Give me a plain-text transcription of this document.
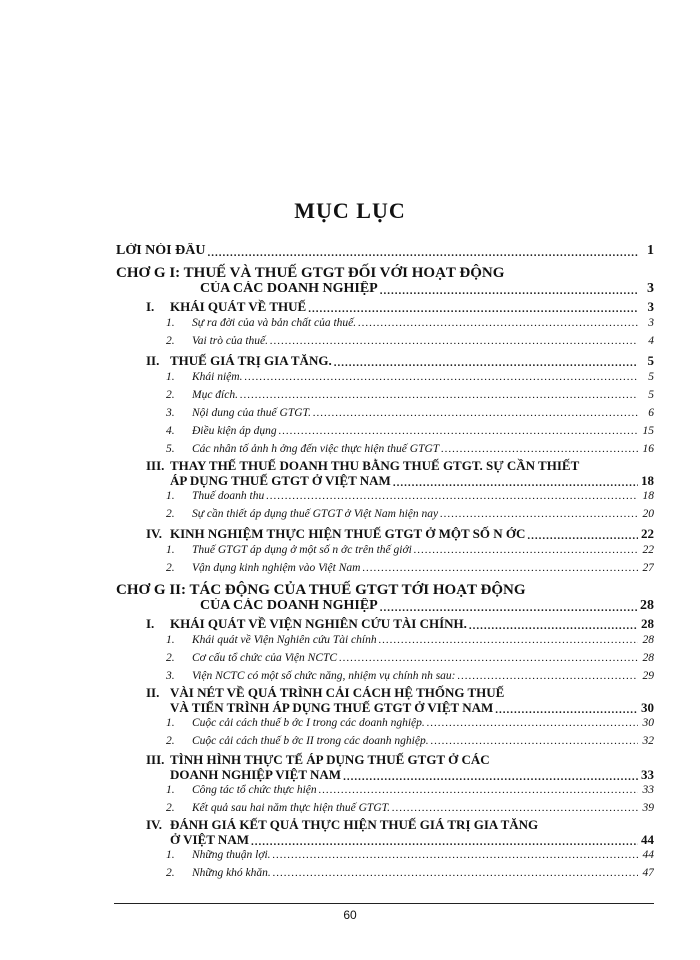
MỤC LỤC
LỜI NÓI ĐẦU .....	1
CHƠ G I: THUẾ VÀ THUẾ GTGT ĐỐI VỚI HOẠT ĐỘNG
CỦA CÁC DOANH NGHIỆP .....	3
I. KHÁI QUÁT VỀ THUẾ .....	3
1. Sự ra đời của và bản chất của thuế. .....	3
2. Vai trò của thuế. .....	4
II. THUẾ GIÁ TRỊ GIA TĂNG. .....	5
1. Khái niệm. .....	5
2. Mục đích. .....	5
3. Nội dung của thuế GTGT. .....	6
4. Điều kiện áp dụng .....	15
5. Các nhân tố ảnh h ởng đến việc thực hiện thuế GTGT .....	16
III. THAY THẾ THUẾ DOANH THU BẰNG THUẾ GTGT. SỰ CẦN THIẾT
ÁP DỤNG THUẾ GTGT Ở VIỆT NAM .....	18
1. Thuế doanh thu .....	18
2. Sự cần thiết áp dụng thuế GTGT ở Việt Nam hiện nay .....	20
IV. KINH NGHIỆM THỰC HIỆN THUẾ GTGT Ở MỘT SỐ N ỚC .....	22
1. Thuế GTGT áp dụng ở một số n ớc trên thế giới .....	22
2. Vận dụng kinh nghiệm vào Việt Nam .....	27
CHƠ G II: TÁC ĐỘNG CỦA THUẾ GTGT TỚI HOẠT ĐỘNG
CỦA CÁC DOANH NGHIỆP .....	28
I. KHÁI QUÁT VỀ VIỆN NGHIÊN CỨU TÀI CHÍNH. .....	28
1. Khái quát về Viện Nghiên cứu Tài chính .....	28
2. Cơ cấu tổ chức của Viện NCTC .....	28
3. Viện NCTC có một số chức năng, nhiệm vụ chính nh sau: .....	29
II. VÀI NÉT VỀ QUÁ TRÌNH CẢI CÁCH HỆ THỐNG THUẾ
VÀ TIẾN TRÌNH ÁP DỤNG THUẾ GTGT Ở VIỆT NAM .....	30
1. Cuộc cải cách thuế b ớc I trong các doanh nghiệp. .....	30
2. Cuộc cải cách thuế b ớc II trong các doanh nghiệp. .....	32
III. TÌNH HÌNH THỰC TẾ ÁP DỤNG THUẾ GTGT Ở CÁC
DOANH NGHIỆP VIỆT NAM .....	33
1. Công tác tổ chức thực hiện .....	33
2. Kết quả sau hai năm thực hiện thuế GTGT. .....	39
IV. ĐÁNH GIÁ KẾT QUẢ THỰC HIỆN THUẾ GIÁ TRỊ GIA TĂNG
Ở VIỆT NAM .....	44
1. Những thuận lợi. .....	44
2. Những khó khăn. .....	47
60
